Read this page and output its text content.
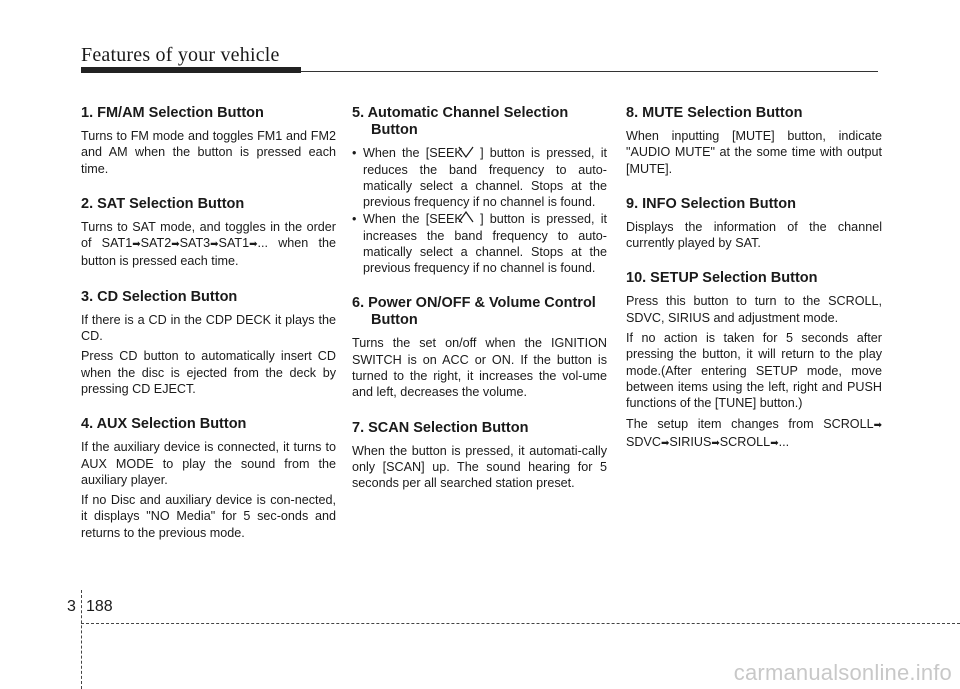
Features of your vehicle
1. FM/AM Selection Button

Turns to FM mode and toggles FM1 and FM2 and AM when the button is pressed each time.

2. SAT Selection Button

Turns to SAT mode, and toggles in the order of SAT1➡SAT2➡SAT3➡SAT1➡... when the button is pressed each time.

3. CD Selection Button

If there is a CD in the CDP DECK it plays the CD.

Press CD button to automatically insert CD when the disc is ejected from the deck by pressing CD EJECT.

4. AUX Selection Button

If the auxiliary device is connected, it turns to AUX MODE to play the sound from the auxiliary player.

If no Disc and auxiliary device is con-nected, it displays "NO Media" for 5 sec-onds and returns to the previous mode.

5. Automatic Channel Selection Button
• When the [SEEK  ] button is pressed, it reduces the band frequency to auto-matically select a channel. Stops at the previous frequency if no channel is found.
• When the [SEEK  ] button is pressed, it increases the band frequency to auto-matically select a channel. Stops at the previous frequency if no channel is found.
6. Power ON/OFF & Volume Control Button

Turns the set on/off when the IGNITION SWITCH is on ACC or ON. If the button is turned to the right, it increases the vol-ume and left, decreases the volume.

7. SCAN Selection Button

When the button is pressed, it automati-cally only [SCAN] up. The sound hearing for 5 seconds per all searched station preset.

8. MUTE Selection Button

When inputting [MUTE] button, indicate "AUDIO MUTE" at the some time with output [MUTE].

9. INFO Selection Button

Displays the information of the channel currently played by SAT.

10. SETUP Selection Button

Press this button to turn to the SCROLL, SDVC, SIRIUS and adjustment mode.

If no action is taken for 5 seconds after pressing the button, it will return to the play mode.(After entering SETUP mode, move between items using the left, right and PUSH functions of the [TUNE] button.)

The setup item changes from SCROLL➡ SDVC➡SIRIUS➡SCROLL➡...

3 188
carmanualsonline.info
